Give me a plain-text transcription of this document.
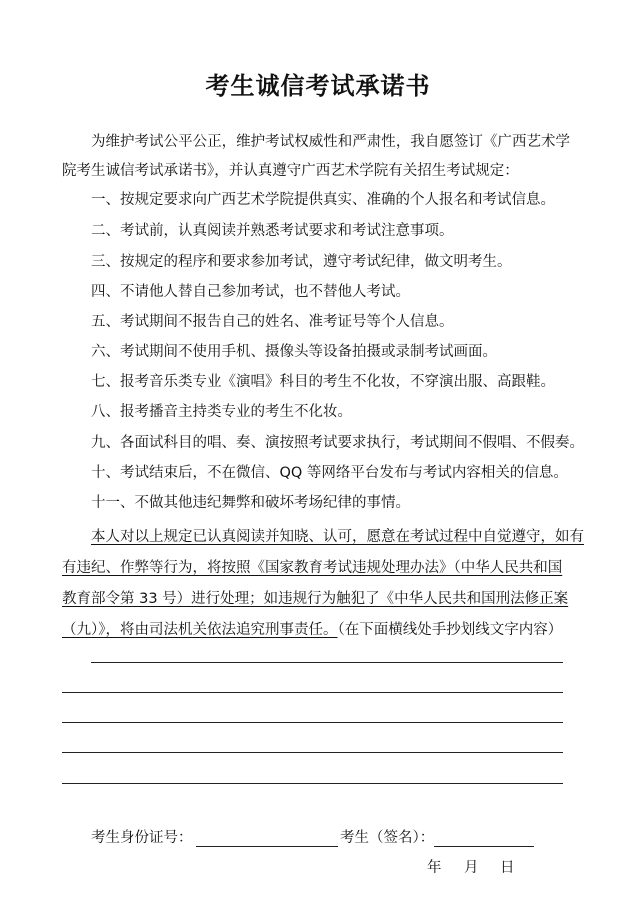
考生诚信考试承诺书
为维护考试公平公正，维护考试权威性和严肃性，我自愿签订《广西艺术学院考生诚信考试承诺书》，并认真遵守广西艺术学院有关招生考试规定：
一、按规定要求向广西艺术学院提供真实、准确的个人报名和考试信息。
二、考试前，认真阅读并熟悉考试要求和考试注意事项。
三、按规定的程序和要求参加考试，遵守考试纪律，做文明考生。
四、不请他人替自己参加考试，也不替他人考试。
五、考试期间不报告自己的姓名、准考证号等个人信息。
六、考试期间不使用手机、摄像头等设备拍摄或录制考试画面。
七、报考音乐类专业《演唱》科目的考生不化妆，不穿演出服、高跟鞋。
八、报考播音主持类专业的考生不化妆。
九、各面试科目的唱、奏、演按照考试要求执行，考试期间不假唱、不假奏。
十、考试结束后，不在微信、QQ 等网络平台发布与考试内容相关的信息。
十一、不做其他违纪舞弊和破坏考场纪律的事情。
本人对以上规定已认真阅读并知晓、认可，愿意在考试过程中自觉遵守，如有
有违纪、作弊等行为，将按照《国家教育考试违规处理办法》（中华人民共和国
教育部令第 33 号）进行处理；如违规行为触犯了《中华人民共和国刑法修正案
（九）》，将由司法机关依法追究刑事责任。（在下面横线处手抄划线文字内容）
考生身份证号：	考生（签名）：
年 月 日
